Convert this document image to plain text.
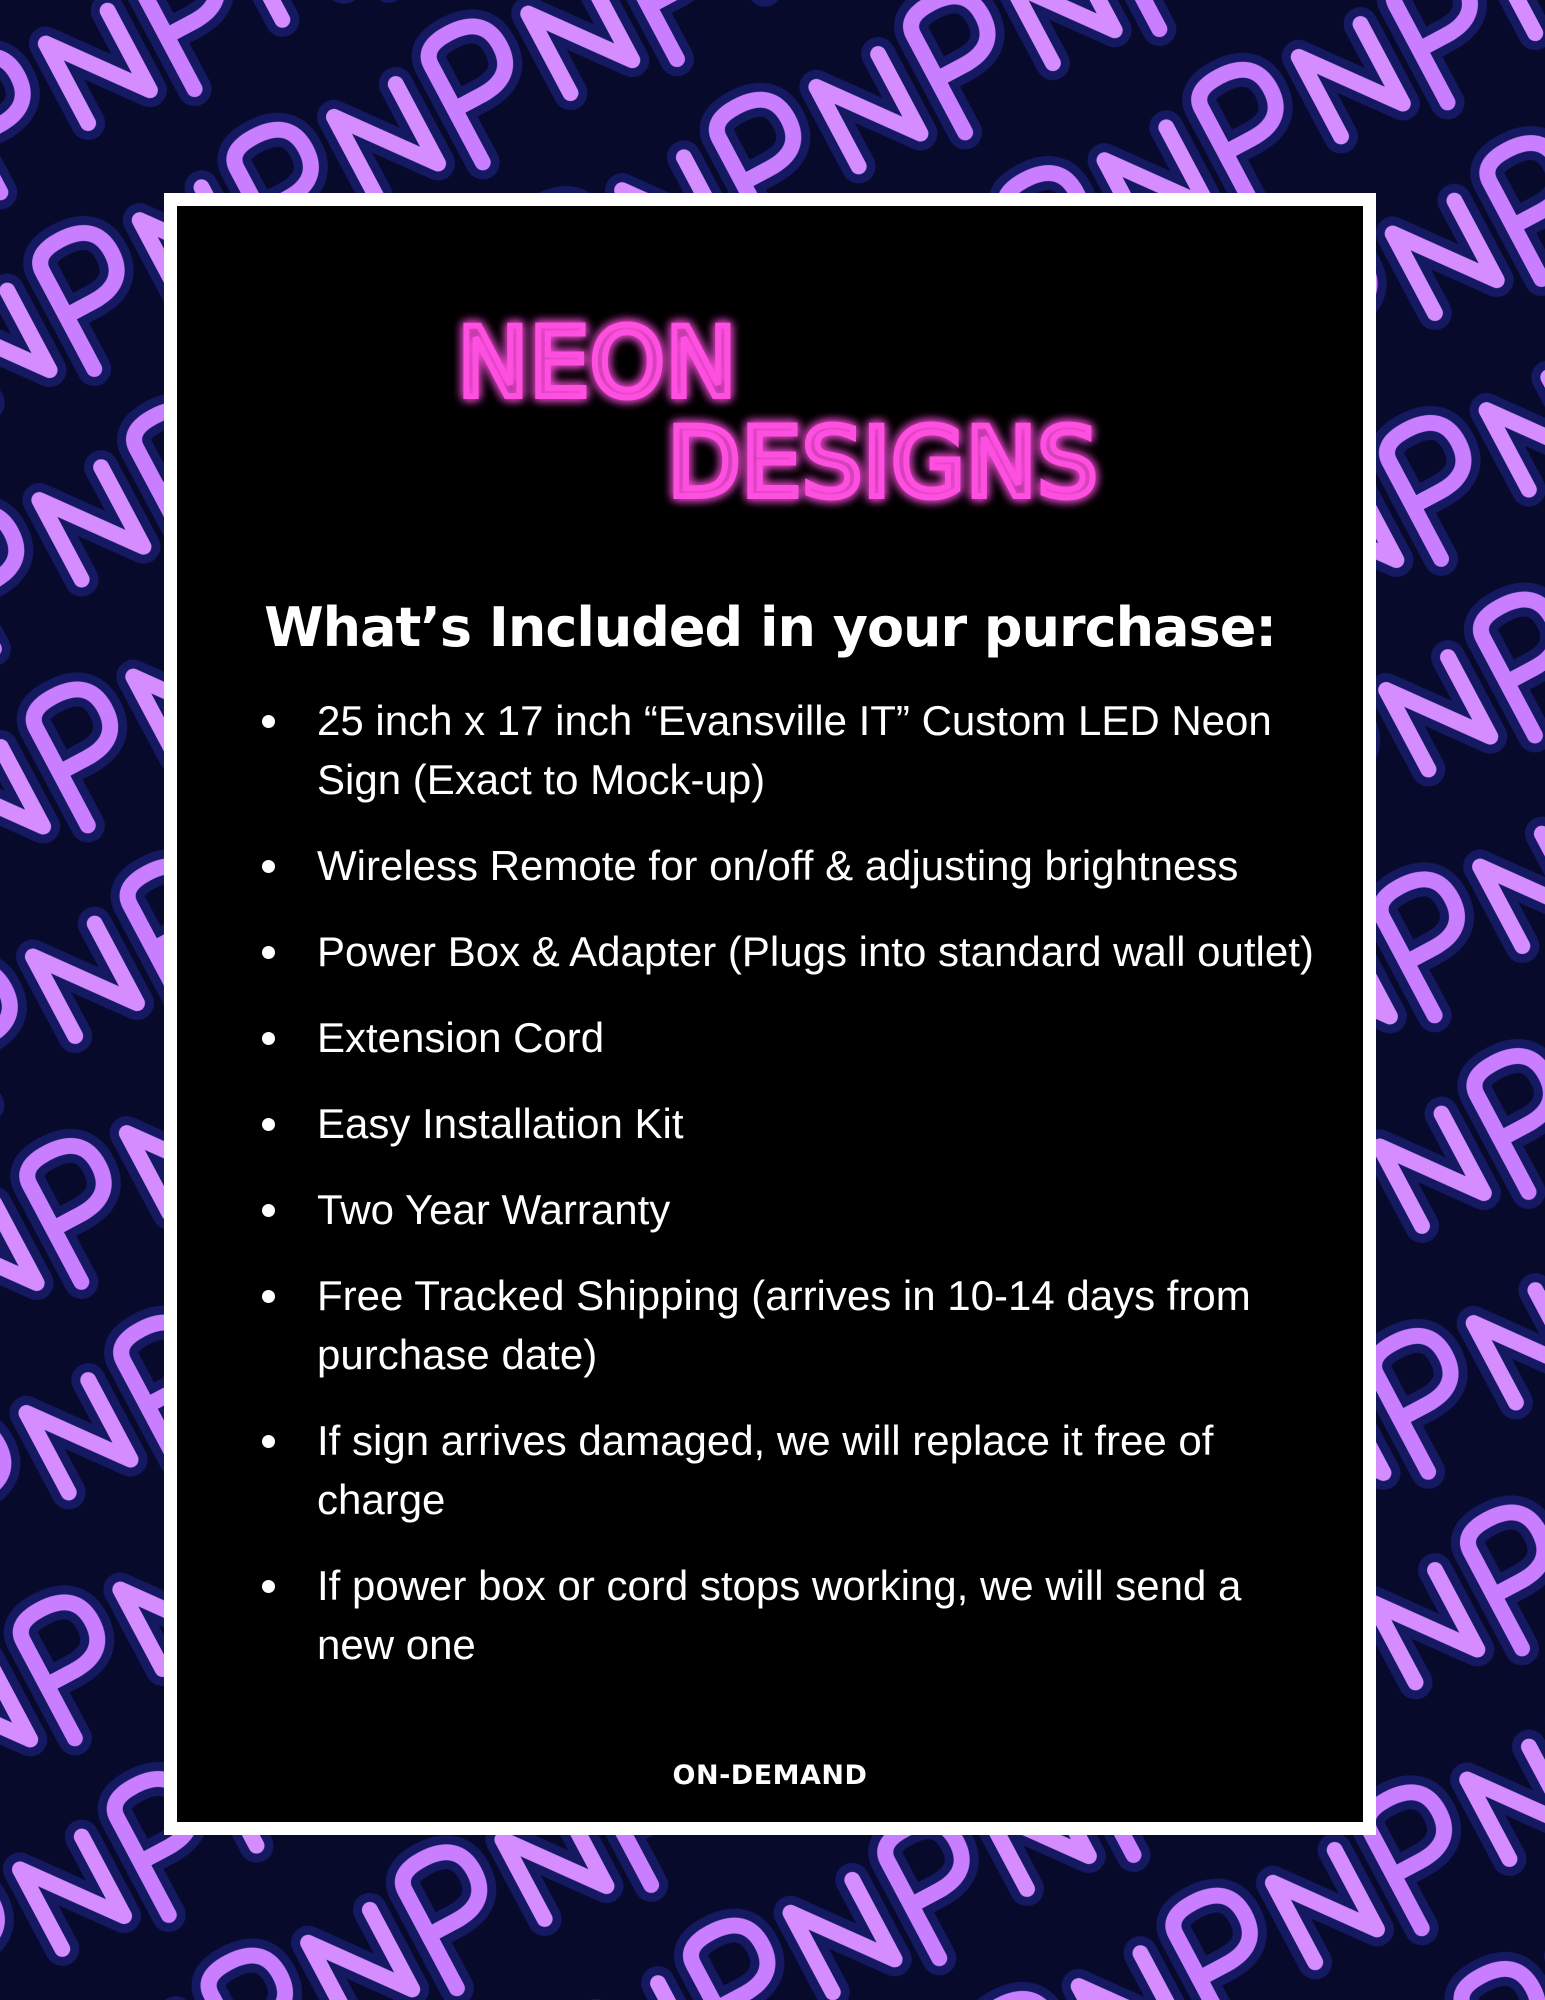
NEON
DESIGNS
What’s Included in your purchase:
25 inch x 17 inch “Evansville IT” Custom LED Neon Sign (Exact to Mock-up)
Wireless Remote for on/off & adjusting brightness
Power Box & Adapter (Plugs into standard wall outlet)
Extension Cord
Easy Installation Kit
Two Year Warranty
Free Tracked Shipping (arrives in 10-14 days from purchase date)
If sign arrives damaged, we will replace it free of charge
If power box or cord stops working, we will send a new one
ON-DEMAND
